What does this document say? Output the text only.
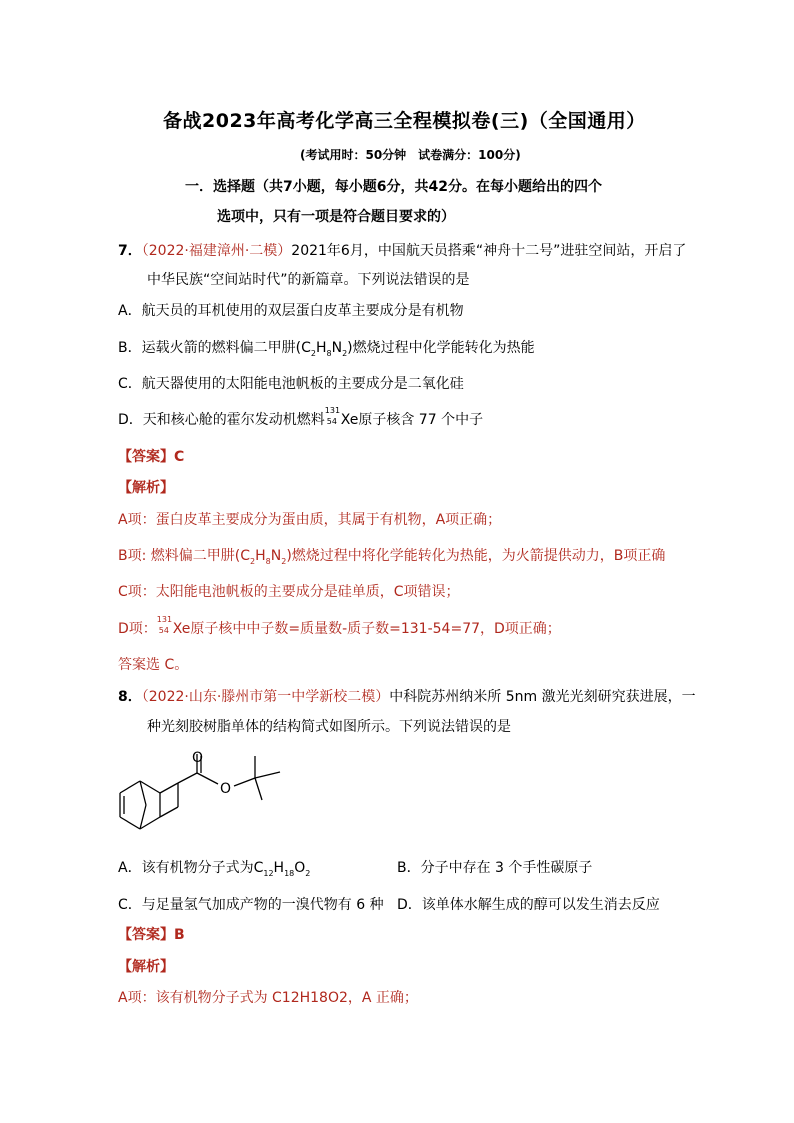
备战2023年高考化学高三全程模拟卷(三)（全国通用）
(考试用时：50分钟　试卷满分：100分)
一．选择题（共7小题，每小题6分，共42分。在每小题给出的四个
选项中，只有一项是符合题目要求的）
7．（2022·福建漳州·二模）2021年6月，中国航天员搭乘“神舟十二号”进驻空间站，开启了
中华民族“空间站时代”的新篇章。下列说法错误的是
A．航天员的耳机使用的双层蛋白皮革主要成分是有机物
B．运载火箭的燃料偏二甲肼$(C_2H_8N_2)$燃烧过程中化学能转化为热能
C．航天器使用的太阳能电池帆板的主要成分是二氧化硅
D．天和核心舱的霍尔发动机燃料
131
54 Xe原子核含 77 个中子
【答案】C
【解析】
A项：蛋白皮革主要成分为蛋由质，其属于有机物，A项正确；
B项: 燃料偏二甲肼$(C_2H_8N_2)$燃烧过程中将化学能转化为热能，为火箭提供动力，B项正确
C项：太阳能电池帆板的主要成分是硅单质，C项错误；
D项：
131
54 Xe原子核中中子数=质量数-质子数=131-54=77，D项正确；
答案选 C。
8．（2022·山东·滕州市第一中学新校二模）中科院苏州纳米所 5nm 激光光刻研究获进展，一
种光刻胶树脂单体的结构简式如图所示。下列说法错误的是
O
O
A．该有机物分子式为$C_{12}H_{18}O_2$	B．分子中存在 3 个手性碳原子
C．与足量氢气加成产物的一溴代物有 6 种 D．该单体水解生成的醇可以发生消去反应
【答案】B
【解析】
A项：该有机物分子式为 C12H18O2，A 正确；
